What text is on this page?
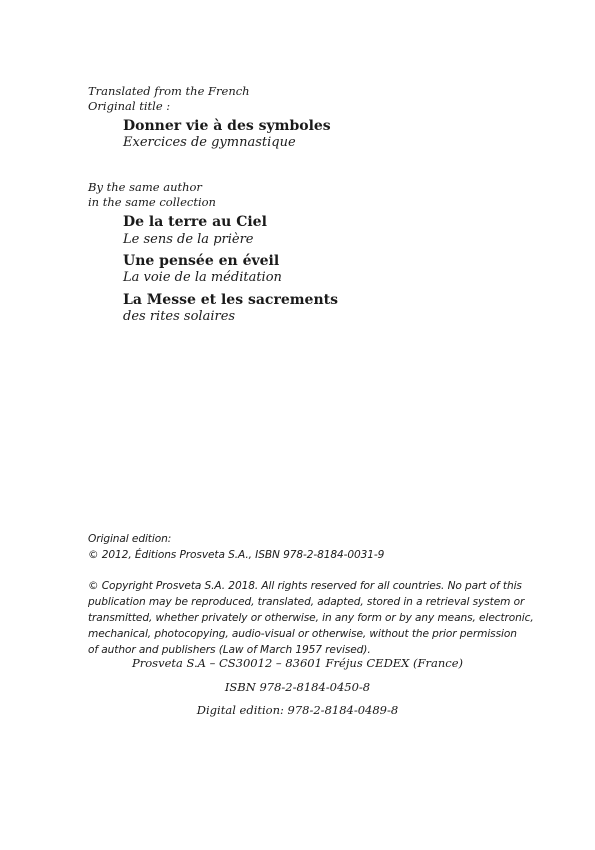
Translated from the French
Original title :
Donner vie à des symboles
Exercices de gymnastique
By the same author
in the same collection
De la terre au Ciel
Le sens de la prière
Une pensée en éveil
La voie de la méditation
La Messe et les sacrements
des rites solaires
Original edition:
© 2012, Éditions Prosveta S.A., ISBN 978-2-8184-0031-9
© Copyright Prosveta S.A. 2018. All rights reserved for all countries. No part of this
publication may be reproduced, translated, adapted, stored in a retrieval system or
transmitted, whether privately or otherwise, in any form or by any means, electronic,
mechanical, photocopying, audio-visual or otherwise, without the prior permission
of author and publishers (Law of March 1957 revised).
Prosveta S.A – CS30012 – 83601 Fréjus CEDEX (France)
ISBN 978-2-8184-0450-8
Digital edition: 978-2-8184-0489-8
